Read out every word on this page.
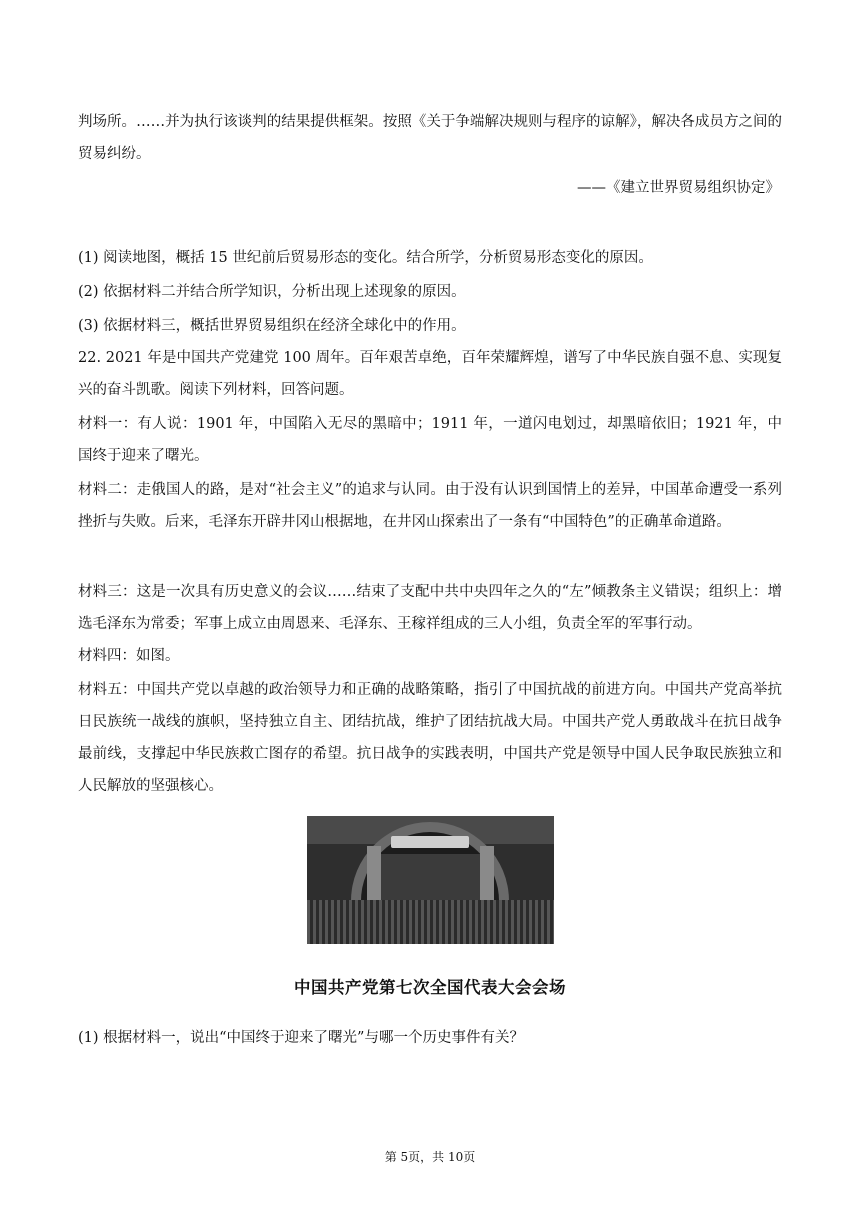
判场所。……并为执行该谈判的结果提供框架。按照《关于争端解决规则与程序的谅解》，解决各成员方之间的贸易纠纷。

——《建立世界贸易组织协定》

(1) 阅读地图，概括 15 世纪前后贸易形态的变化。结合所学，分析贸易形态变化的原因。

(2) 依据材料二并结合所学知识，分析出现上述现象的原因。

(3) 依据材料三，概括世界贸易组织在经济全球化中的作用。

22. 2021 年是中国共产党建党 100 周年。百年艰苦卓绝，百年荣耀辉煌，谱写了中华民族自强不息、实现复兴的奋斗凯歌。阅读下列材料，回答问题。

材料一：有人说：1901 年，中国陷入无尽的黑暗中；1911 年，一道闪电划过，却黑暗依旧；1921 年，中国终于迎来了曙光。

材料二：走俄国人的路，是对“社会主义”的追求与认同。由于没有认识到国情上的差异，中国革命遭受一系列挫折与失败。后来，毛泽东开辟井冈山根据地，在井冈山探索出了一条有“中国特色”的正确革命道路。

材料三：这是一次具有历史意义的会议……结束了支配中共中央四年之久的“左”倾教条主义错误；组织上：增选毛泽东为常委；军事上成立由周恩来、毛泽东、王稼祥组成的三人小组，负责全军的军事行动。

材料四：如图。

材料五：中国共产党以卓越的政治领导力和正确的战略策略，指引了中国抗战的前进方向。中国共产党高举抗日民族统一战线的旗帜，坚持独立自主、团结抗战，维护了团结抗战大局。中国共产党人勇敢战斗在抗日战争最前线，支撑起中华民族救亡图存的希望。抗日战争的实践表明，中国共产党是领导中国人民争取民族独立和人民解放的坚强核心。

中国共产党第七次全国代表大会会场

(1) 根据材料一，说出“中国终于迎来了曙光”与哪一个历史事件有关？

第 5页，共 10页
